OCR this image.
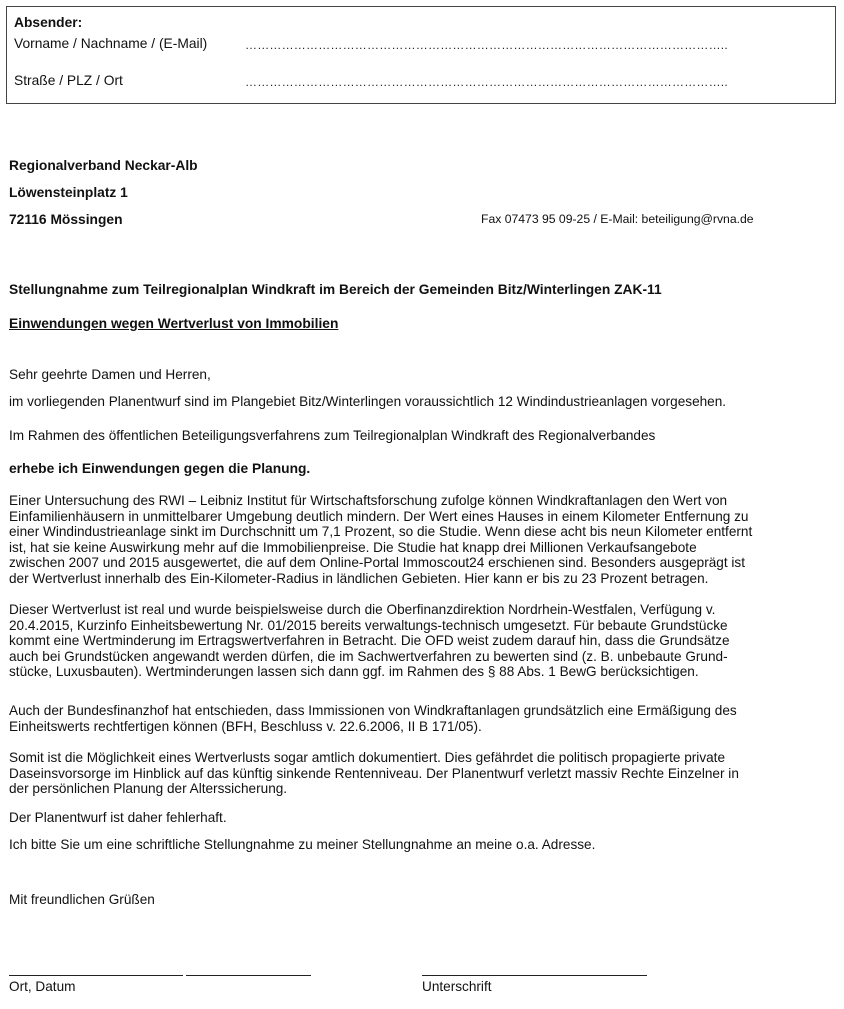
Absender:
Vorname / Nachname / (E-Mail)	………………………………………………………………………………………………………..
Straße / PLZ / Ort	………………………………………………………………………………………………………..
Regionalverband Neckar-Alb
Löwensteinplatz 1
72116 Mössingen	Fax 07473 95 09-25 / E-Mail: beteiligung@rvna.de
Stellungnahme zum Teilregionalplan Windkraft im Bereich der Gemeinden Bitz/Winterlingen ZAK-11
Einwendungen wegen Wertverlust von Immobilien
Sehr geehrte Damen und Herren,
im vorliegenden Planentwurf sind im Plangebiet Bitz/Winterlingen voraussichtlich 12 Windindustrieanlagen vorgesehen.
Im Rahmen des öffentlichen Beteiligungsverfahrens zum Teilregionalplan Windkraft des Regionalverbandes
erhebe ich Einwendungen gegen die Planung.
Einer Untersuchung des RWI – Leibniz Institut für Wirtschaftsforschung zufolge können Windkraftanlagen den Wert von
Einfamilienhäusern in unmittelbarer Umgebung deutlich mindern. Der Wert eines Hauses in einem Kilometer Entfernung zu
einer Windindustrieanlage sinkt im Durchschnitt um 7,1 Prozent, so die Studie. Wenn diese acht bis neun Kilometer entfernt
ist, hat sie keine Auswirkung mehr auf die Immobilienpreise. Die Studie hat knapp drei Millionen Verkaufsangebote
zwischen 2007 und 2015 ausgewertet, die auf dem Online-Portal Immoscout24 erschienen sind. Besonders ausgeprägt ist
der Wertverlust innerhalb des Ein-Kilometer-Radius in ländlichen Gebieten. Hier kann er bis zu 23 Prozent betragen.
Dieser Wertverlust ist real und wurde beispielsweise durch die Oberfinanzdirektion Nordrhein-Westfalen, Verfügung v.
20.4.2015, Kurzinfo Einheitsbewertung Nr. 01/2015 bereits verwaltungs-technisch umgesetzt. Für bebaute Grundstücke
kommt eine Wertminderung im Ertragswertverfahren in Betracht. Die OFD weist zudem darauf hin, dass die Grundsätze
auch bei Grundstücken angewandt werden dürfen, die im Sachwertverfahren zu bewerten sind (z. B. unbebaute Grund-
stücke, Luxusbauten). Wertminderungen lassen sich dann ggf. im Rahmen des § 88 Abs. 1 BewG berücksichtigen.
Auch der Bundesfinanzhof hat entschieden, dass Immissionen von Windkraftanlagen grundsätzlich eine Ermäßigung des
Einheitswerts rechtfertigen können (BFH, Beschluss v. 22.6.2006, II B 171/05).
Somit ist die Möglichkeit eines Wertverlusts sogar amtlich dokumentiert. Dies gefährdet die politisch propagierte private
Daseinsvorsorge im Hinblick auf das künftig sinkende Rentenniveau. Der Planentwurf verletzt massiv Rechte Einzelner in
der persönlichen Planung der Alterssicherung.
Der Planentwurf ist daher fehlerhaft.
Ich bitte Sie um eine schriftliche Stellungnahme zu meiner Stellungnahme an meine o.a. Adresse.
Mit freundlichen Grüßen
Ort, Datum	Unterschrift
